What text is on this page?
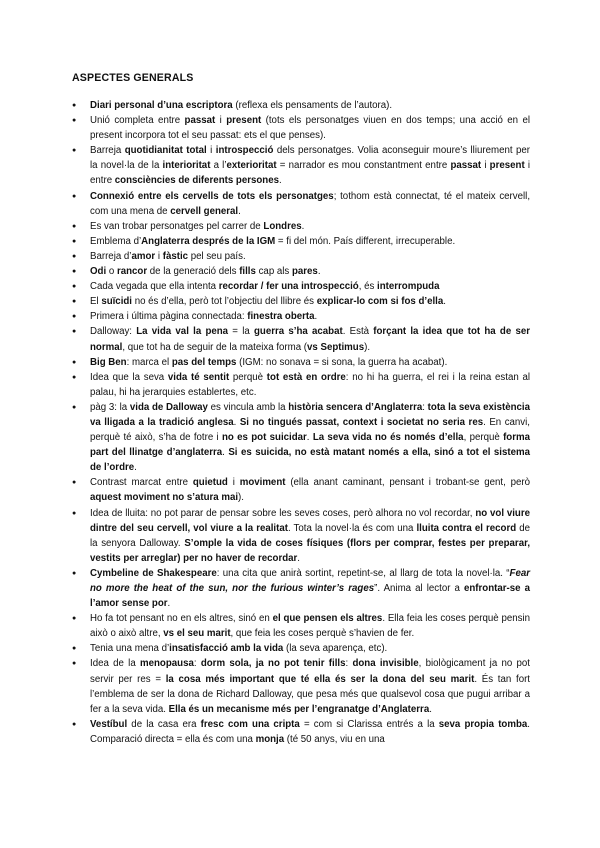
ASPECTES GENERALS
● Diari personal d’una escriptora (reflexa els pensaments de l’autora).
● Unió completa entre passat i present (tots els personatges viuen en dos temps; una acció en el present incorpora tot el seu passat: ets el que penses).
● Barreja quotidianitat total i introspecció dels personatges. Volia aconseguir moure’s lliurement per la novel·la de la interioritat a l’exterioritat = narrador es mou constantment entre passat i present i entre consciències de diferents persones.
● Connexió entre els cervells de tots els personatges; tothom està connectat, té el mateix cervell, com una mena de cervell general.
● Es van trobar personatges pel carrer de Londres.
● Emblema d’Anglaterra després de la IGM = fi del món. País different, irrecuperable.
● Barreja d’amor i fàstic pel seu país.
● Odi o rancor de la generació dels fills cap als pares.
● Cada vegada que ella intenta recordar / fer una introspecció, és interrompuda
● El suïcidi no és d’ella, però tot l’objectiu del llibre és explicar-lo com si fos d’ella.
● Primera i última pàgina connectada: finestra oberta.
● Dalloway: La vida val la pena = la guerra s’ha acabat. Està forçant la idea que tot ha de ser normal, que tot ha de seguir de la mateixa forma (vs Septimus).
● Big Ben: marca el pas del temps (IGM: no sonava = si sona, la guerra ha acabat).
● Idea que la seva vida té sentit perquè tot està en ordre: no hi ha guerra, el rei i la reina estan al palau, hi ha jerarquies establertes, etc.
● pàg 3: la vida de Dalloway es vincula amb la història sencera d’Anglaterra: tota la seva existència va lligada a la tradició anglesa. Si no tingués passat, context i societat no seria res. En canvi, perquè té això, s’ha de fotre i no es pot suicidar. La seva vida no és només d’ella, perquè forma part del llinatge d’anglaterra. Si es suicida, no està matant només a ella, sinó a tot el sistema de l’ordre.
● Contrast marcat entre quietud i moviment (ella anant caminant, pensant i trobant-se gent, però aquest moviment no s’atura mai).
● Idea de lluita: no pot parar de pensar sobre les seves coses, però alhora no vol recordar, no vol viure dintre del seu cervell, vol viure a la realitat. Tota la novel·la és com una lluita contra el record de la senyora Dalloway. S’omple la vida de coses físiques (flors per comprar, festes per preparar, vestits per arreglar) per no haver de recordar.
● Cymbeline de Shakespeare: una cita que anirà sortint, repetint-se, al llarg de tota la novel·la. “Fear no more the heat of the sun, nor the furious winter’s rages”. Anima al lector a enfrontar-se a l’amor sense por.
● Ho fa tot pensant no en els altres, sinó en el que pensen els altres. Ella feia les coses perquè pensin això o això altre, vs el seu marit, que feia les coses perquè s’havien de fer.
● Tenia una mena d’insatisfacció amb la vida (la seva aparença, etc).
● Idea de la menopausa: dorm sola, ja no pot tenir fills: dona invisible, biològicament ja no pot servir per res = la cosa més important que té ella és ser la dona del seu marit. És tan fort l’emblema de ser la dona de Richard Dalloway, que pesa més que qualsevol cosa que pugui arribar a fer a la seva vida. Ella és un mecanisme més per l’engranatge d’Anglaterra.
● Vestíbul de la casa era fresc com una cripta = com si Clarissa entrés a la seva propia tomba. Comparació directa = ella és com una monja (té 50 anys, viu en una
